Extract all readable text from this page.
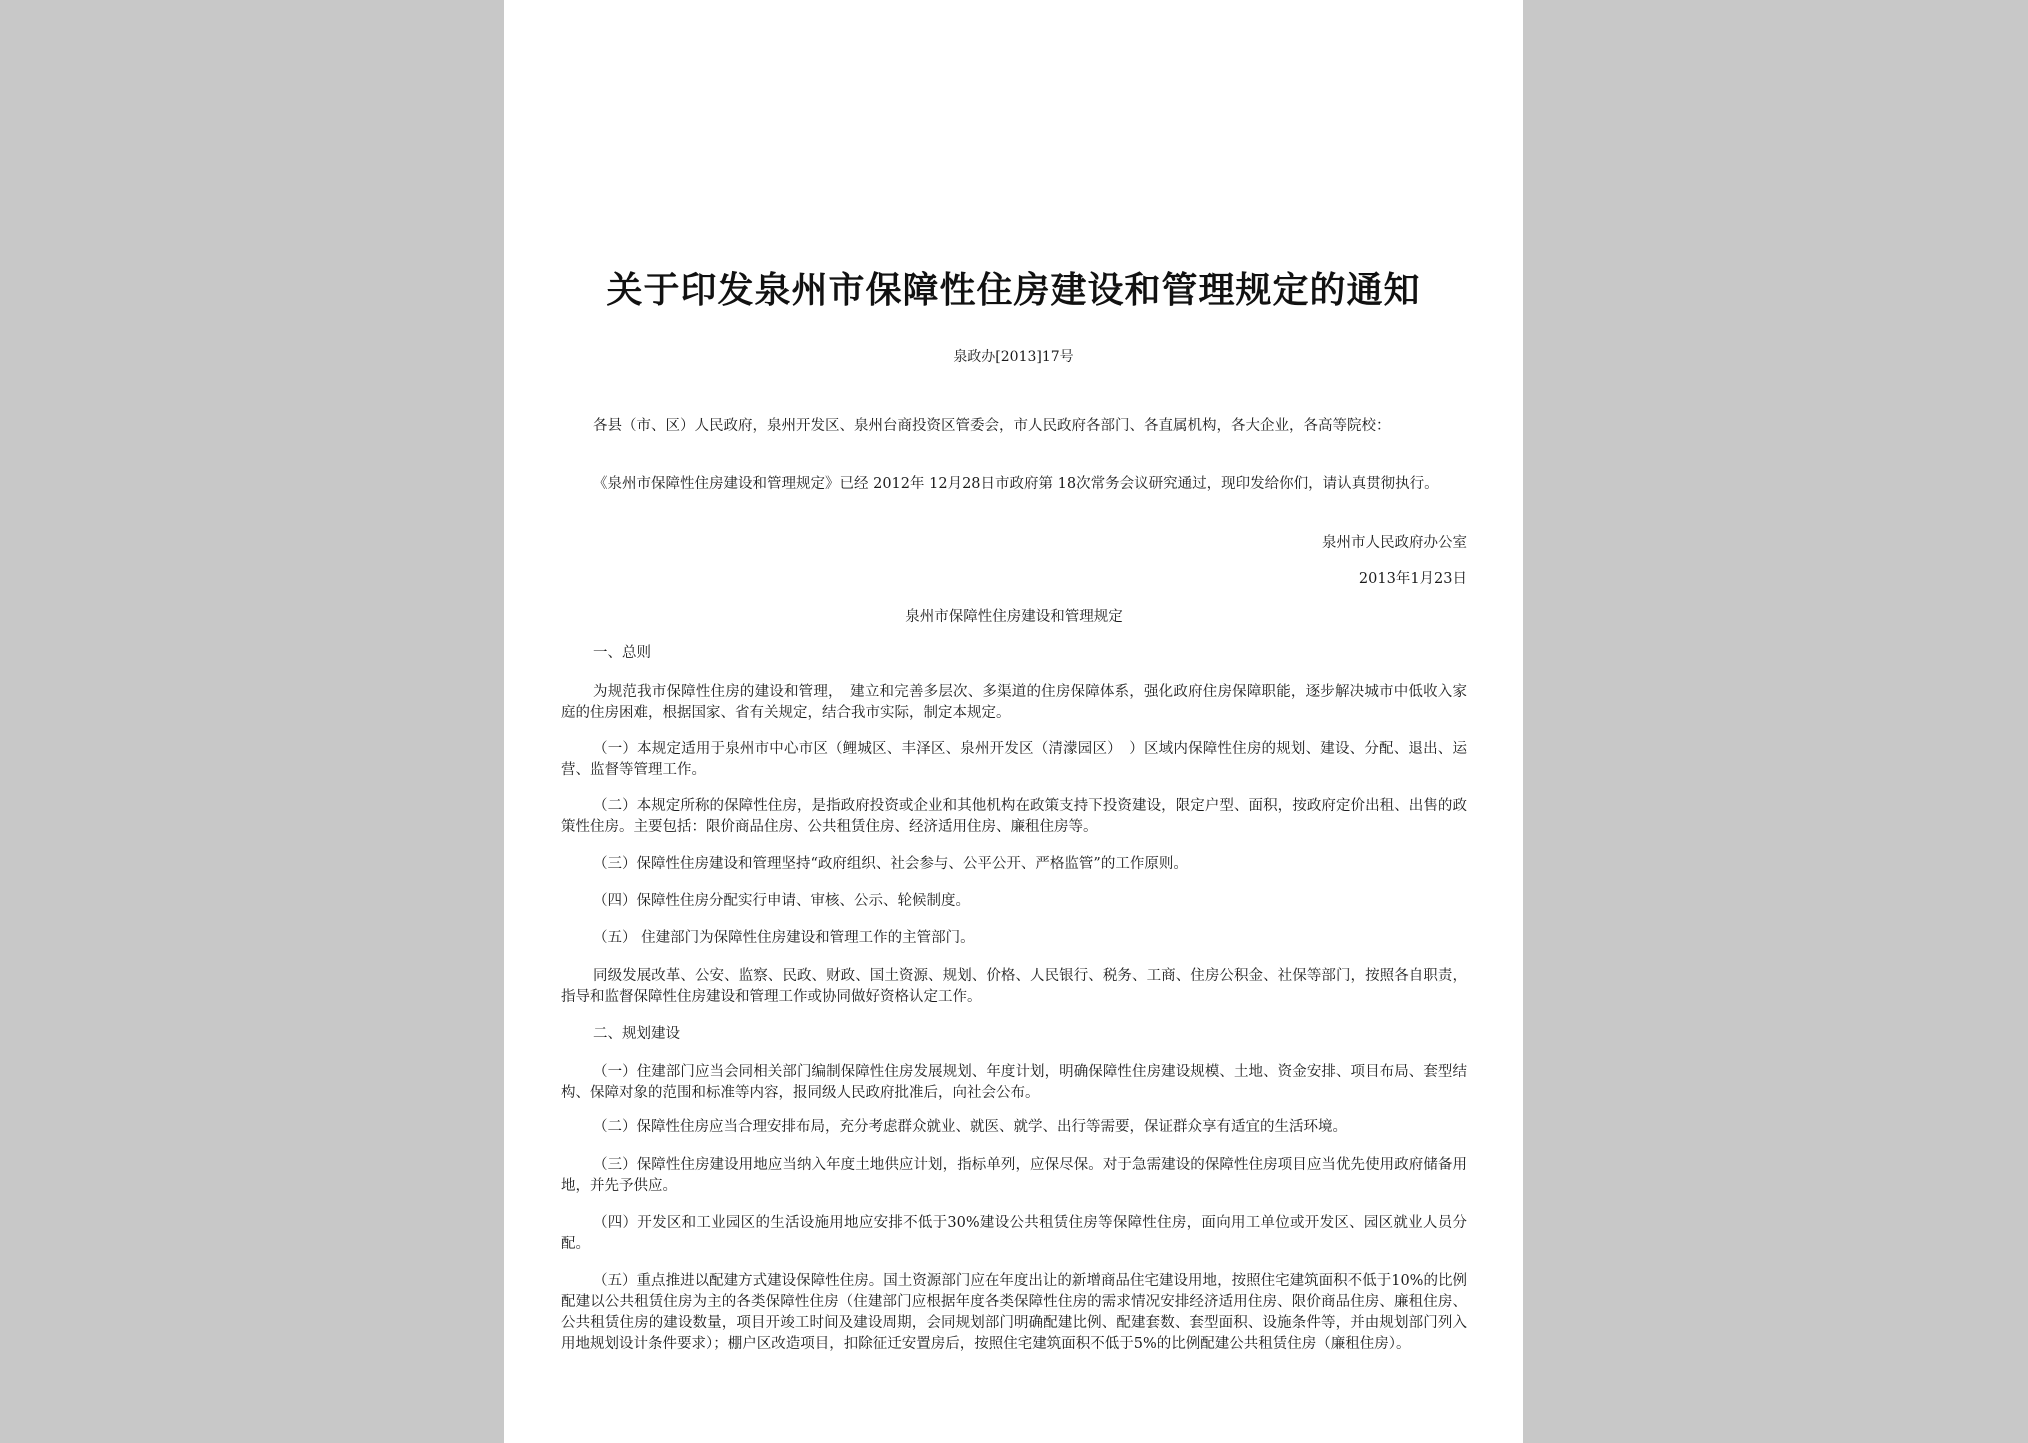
关于印发泉州市保障性住房建设和管理规定的通知
泉政办[2013]17号
各县（市、区）人民政府，泉州开发区、泉州台商投资区管委会，市人民政府各部门、各直属机构，各大企业，各高等院校：
《泉州市保障性住房建设和管理规定》已经 2012年 12月28日市政府第 18次常务会议研究通过，现印发给你们，请认真贯彻执行。
泉州市人民政府办公室
2013年1月23日
泉州市保障性住房建设和管理规定
一、总则
为规范我市保障性住房的建设和管理，　建立和完善多层次、多渠道的住房保障体系，强化政府住房保障职能，逐步解决城市中低收入家庭的住房困难，根据国家、省有关规定，结合我市实际，制定本规定。
（一）本规定适用于泉州市中心市区（鲤城区、丰泽区、泉州开发区（清濛园区）　）区域内保障性住房的规划、建设、分配、退出、运营、监督等管理工作。
（二）本规定所称的保障性住房，是指政府投资或企业和其他机构在政策支持下投资建设，限定户型、面积，按政府定价出租、出售的政策性住房。主要包括：限价商品住房、公共租赁住房、经济适用住房、廉租住房等。
（三）保障性住房建设和管理坚持“政府组织、社会参与、公平公开、严格监管”的工作原则。
（四）保障性住房分配实行申请、审核、公示、轮候制度。
（五） 住建部门为保障性住房建设和管理工作的主管部门。
同级发展改革、公安、监察、民政、财政、国土资源、规划、价格、人民银行、税务、工商、住房公积金、社保等部门，按照各自职责，指导和监督保障性住房建设和管理工作或协同做好资格认定工作。
二、规划建设
（一）住建部门应当会同相关部门编制保障性住房发展规划、年度计划，明确保障性住房建设规模、土地、资金安排、项目布局、套型结构、保障对象的范围和标准等内容，报同级人民政府批准后，向社会公布。
（二）保障性住房应当合理安排布局，充分考虑群众就业、就医、就学、出行等需要，保证群众享有适宜的生活环境。
（三）保障性住房建设用地应当纳入年度土地供应计划，指标单列，应保尽保。对于急需建设的保障性住房项目应当优先使用政府储备用地，并先予供应。
（四）开发区和工业园区的生活设施用地应安排不低于30%建设公共租赁住房等保障性住房，面向用工单位或开发区、园区就业人员分配。
（五）重点推进以配建方式建设保障性住房。国土资源部门应在年度出让的新增商品住宅建设用地，按照住宅建筑面积不低于10%的比例配建以公共租赁住房为主的各类保障性住房（住建部门应根据年度各类保障性住房的需求情况安排经济适用住房、限价商品住房、廉租住房、公共租赁住房的建设数量，项目开竣工时间及建设周期，会同规划部门明确配建比例、配建套数、套型面积、设施条件等，并由规划部门列入用地规划设计条件要求）；棚户区改造项目，扣除征迁安置房后，按照住宅建筑面积不低于5%的比例配建公共租赁住房（廉租住房）。
